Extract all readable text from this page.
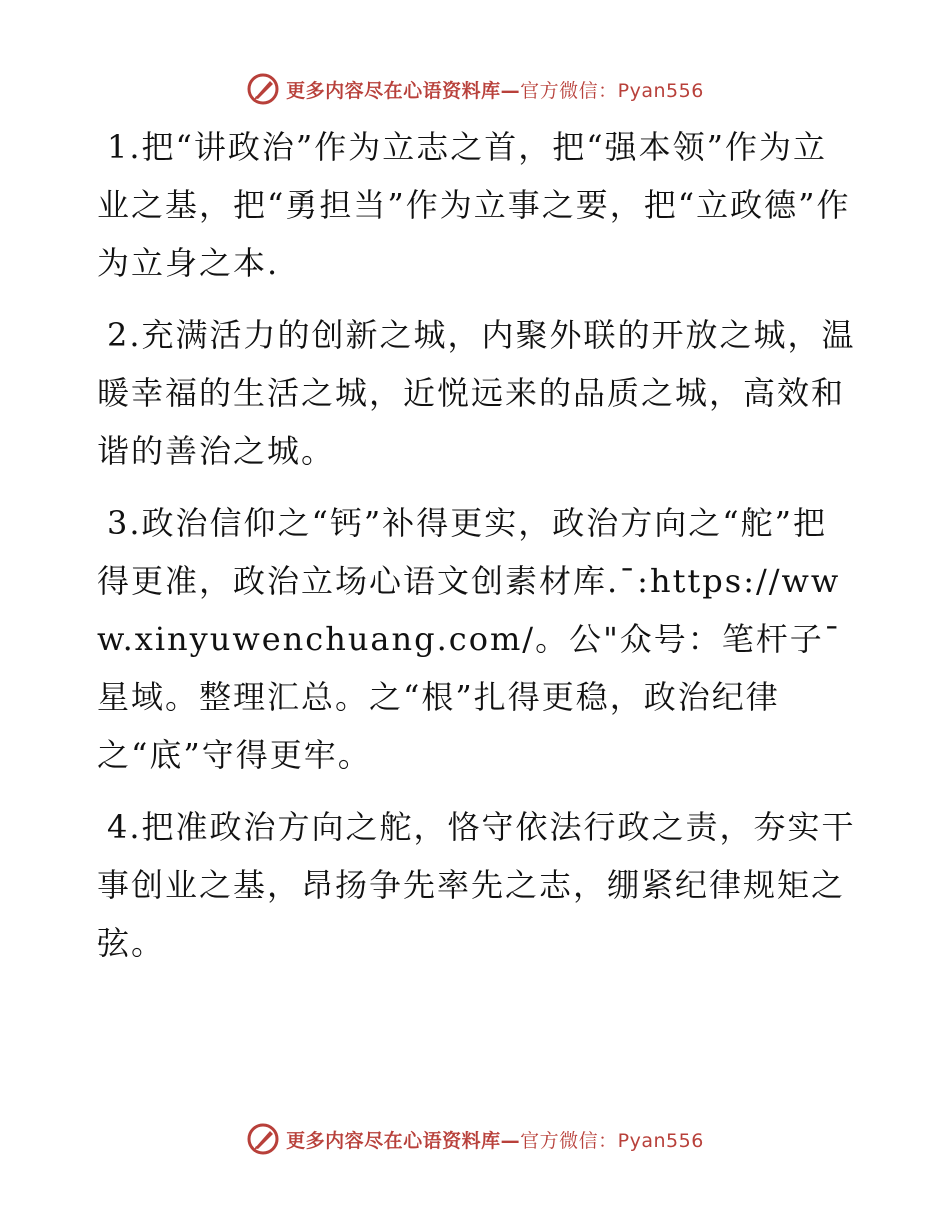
更多内容尽在心语资料库—官方微信：Pyan556

1.把“讲政治”作为立志之首，把“强本领”作为立业之基，把“勇担当”作为立事之要，把“立政德”作为立身之本.

2.充满活力的创新之城，内聚外联的开放之城，温暖幸福的生活之城，近悦远来的品质之城，高效和谐的善治之城。

3.政治信仰之“钙”补得更实，政治方向之“舵”把得更准，政治立场心语文创素材库.¯:https://www.xinyuwenchuang.com/。公"众号：笔杆子¯星域。整理汇总。之“根”扎得更稳，政治纪律之“底”守得更牢。

4.把准政治方向之舵，恪守依法行政之责，夯实干事创业之基，昂扬争先率先之志，绷紧纪律规矩之弦。

更多内容尽在心语资料库—官方微信：Pyan556
